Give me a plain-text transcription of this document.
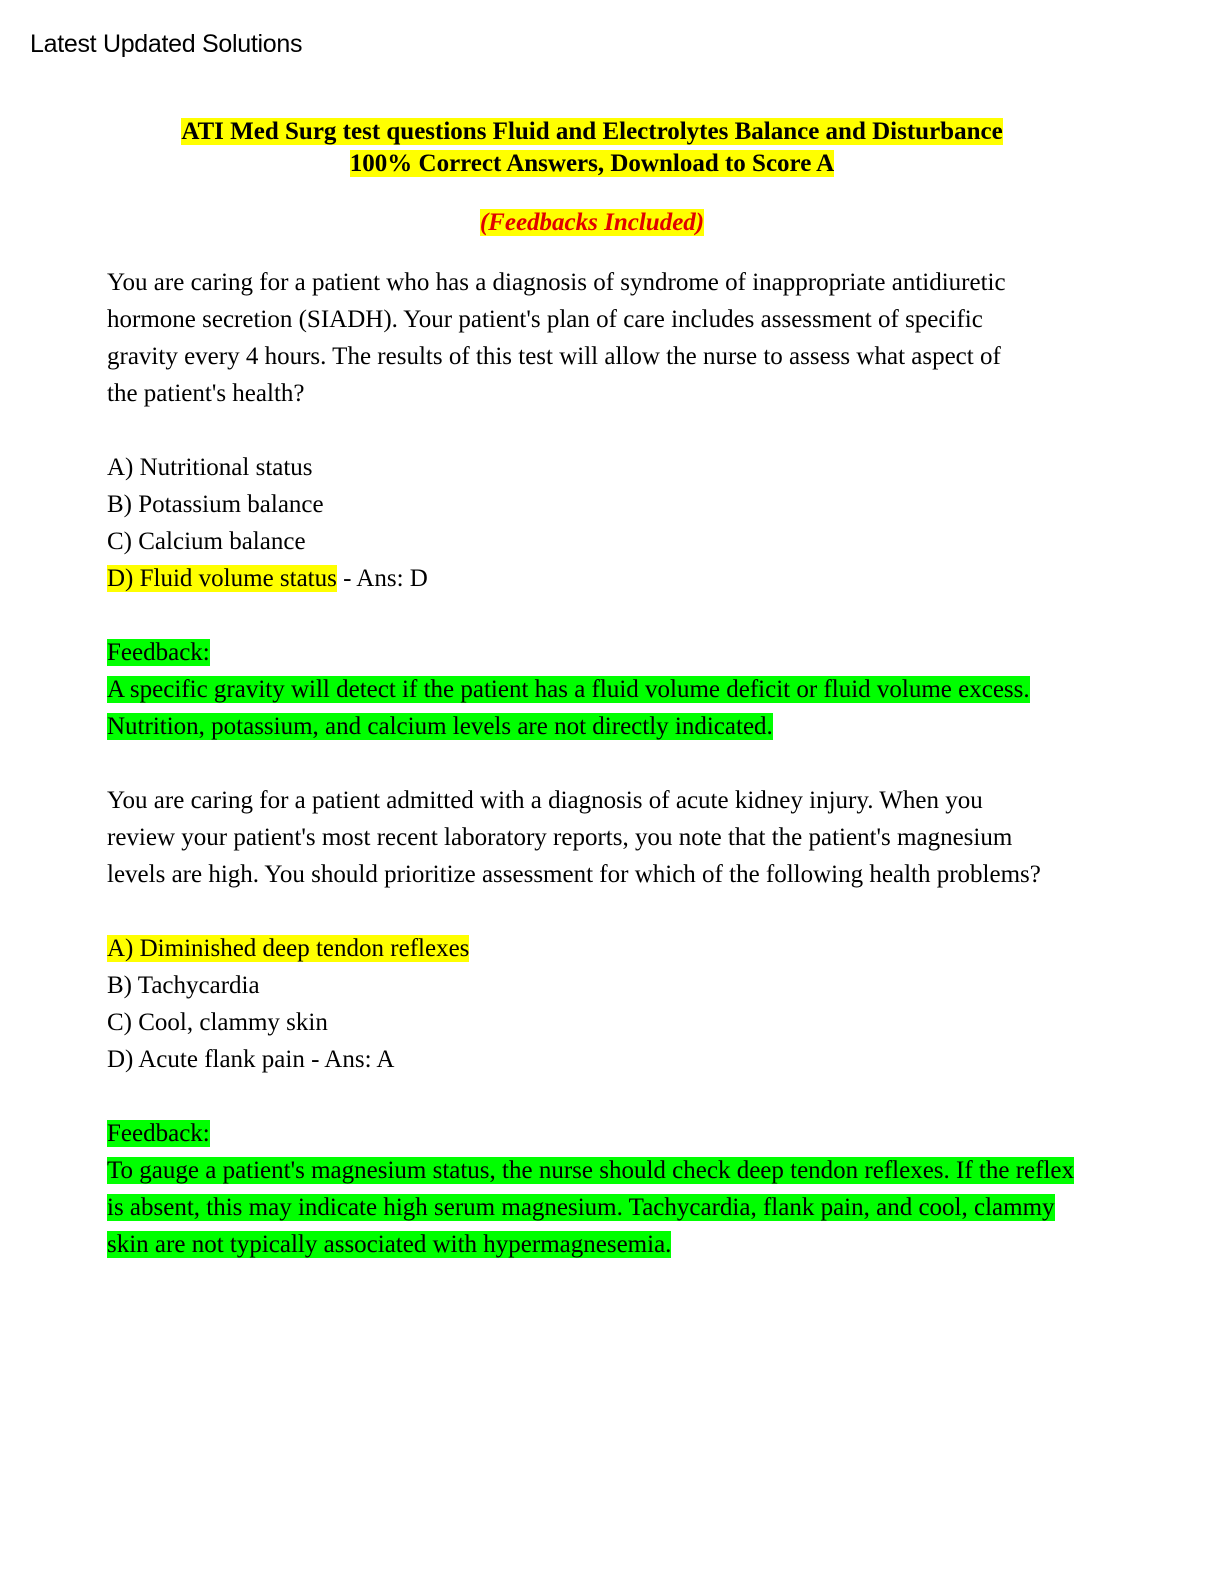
Latest Updated Solutions
ATI Med Surg test questions Fluid and Electrolytes Balance and Disturbance
100% Correct Answers, Download to Score A
(Feedbacks Included)
You are caring for a patient who has a diagnosis of syndrome of inappropriate antidiuretic hormone secretion (SIADH). Your patient's plan of care includes assessment of specific gravity every 4 hours. The results of this test will allow the nurse to assess what aspect of the patient's health?
A) Nutritional status
B) Potassium balance
C) Calcium balance
D) Fluid volume status - Ans: D
Feedback:
A specific gravity will detect if the patient has a fluid volume deficit or fluid volume excess. Nutrition, potassium, and calcium levels are not directly indicated.
You are caring for a patient admitted with a diagnosis of acute kidney injury. When you review your patient's most recent laboratory reports, you note that the patient's magnesium levels are high. You should prioritize assessment for which of the following health problems?
A) Diminished deep tendon reflexes
B) Tachycardia
C) Cool, clammy skin
D) Acute flank pain - Ans: A
Feedback:
To gauge a patient's magnesium status, the nurse should check deep tendon reflexes. If the reflex is absent, this may indicate high serum magnesium. Tachycardia, flank pain, and cool, clammy skin are not typically associated with hypermagnesemia.
